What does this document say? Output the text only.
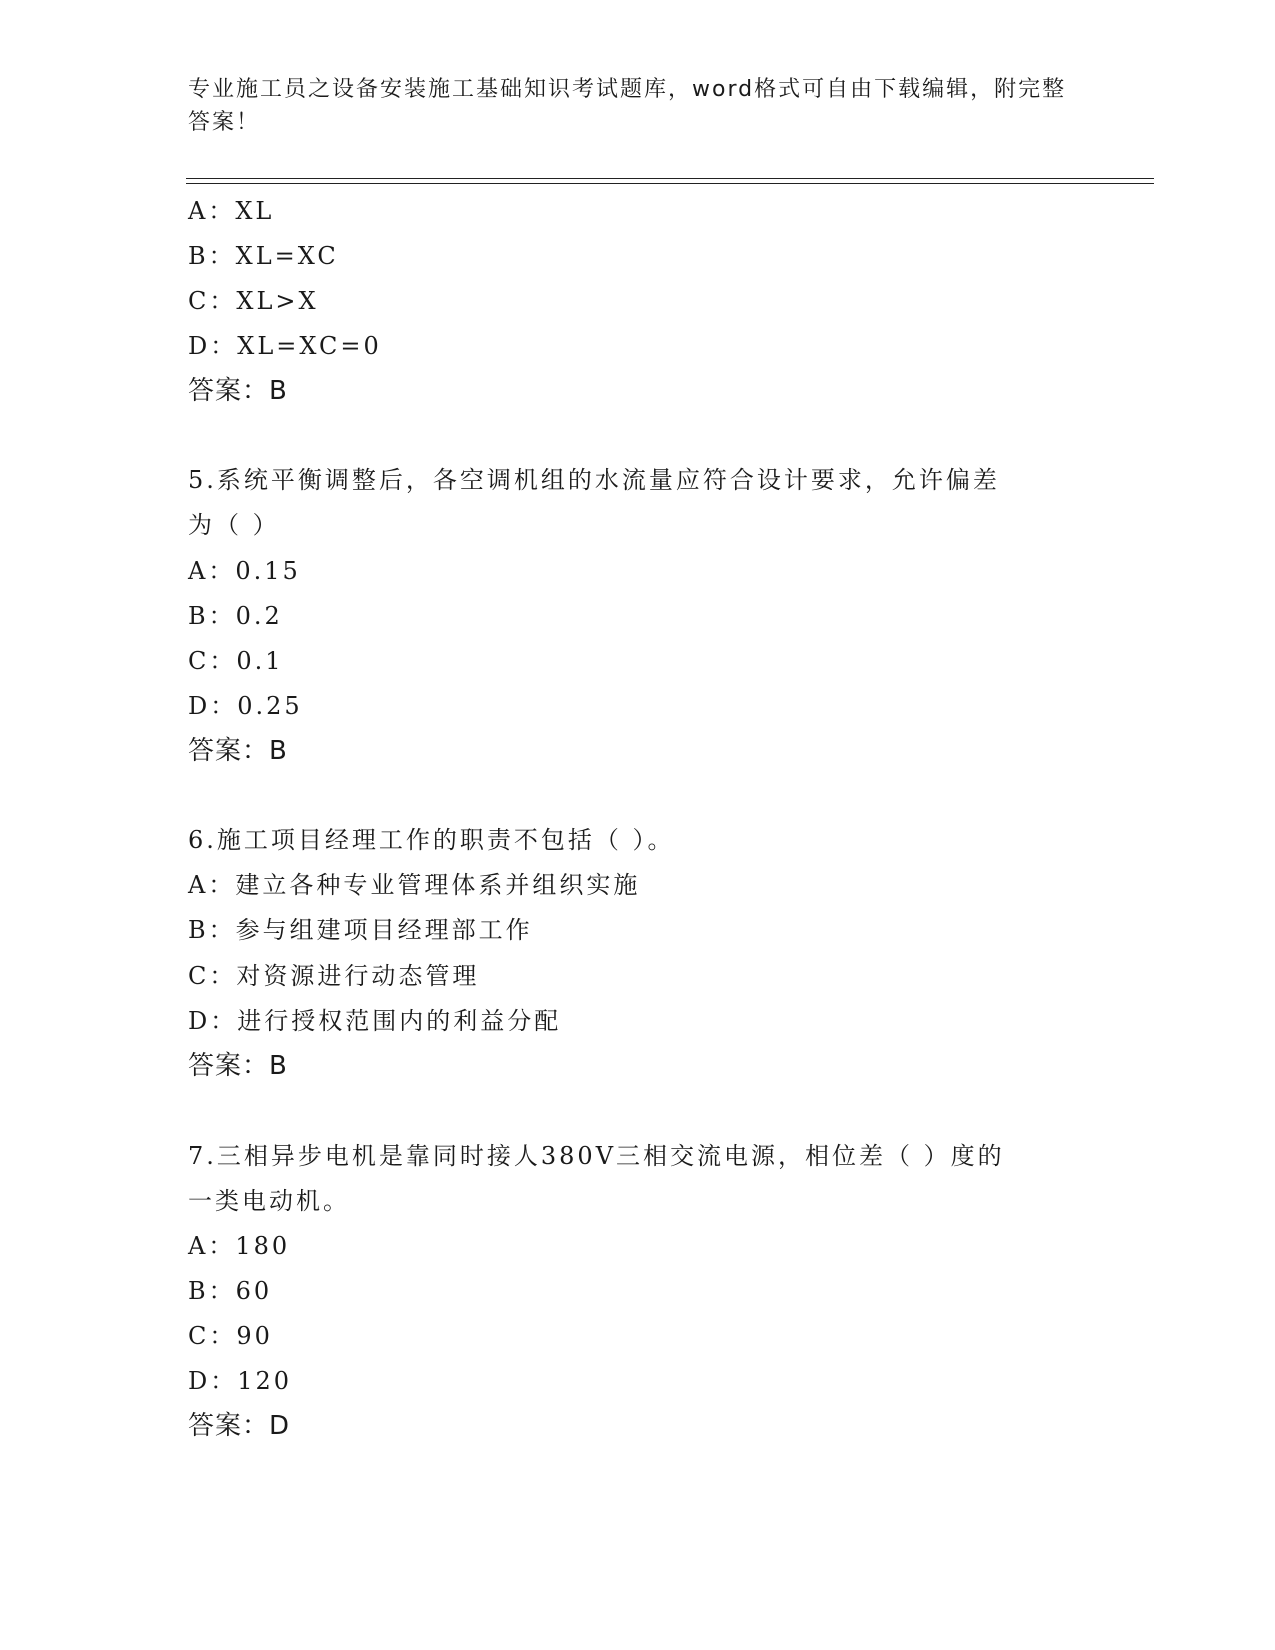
专业施工员之设备安装施工基础知识考试题库，word格式可自由下载编辑，附完整答案！
A：XL
B：XL=XC
C：XL>X
D：XL=XC=0
答案：B
5.系统平衡调整后，各空调机组的水流量应符合设计要求，允许偏差
为（ ）
A：0.15
B：0.2
C：0.1
D：0.25
答案：B
6.施工项目经理工作的职责不包括（ ）。
A：建立各种专业管理体系并组织实施
B：参与组建项目经理部工作
C：对资源进行动态管理
D：进行授权范围内的利益分配
答案：B
7.三相异步电机是靠同时接人380V三相交流电源，相位差（ ）度的
一类电动机。
A：180
B：60
C：90
D：120
答案：D
